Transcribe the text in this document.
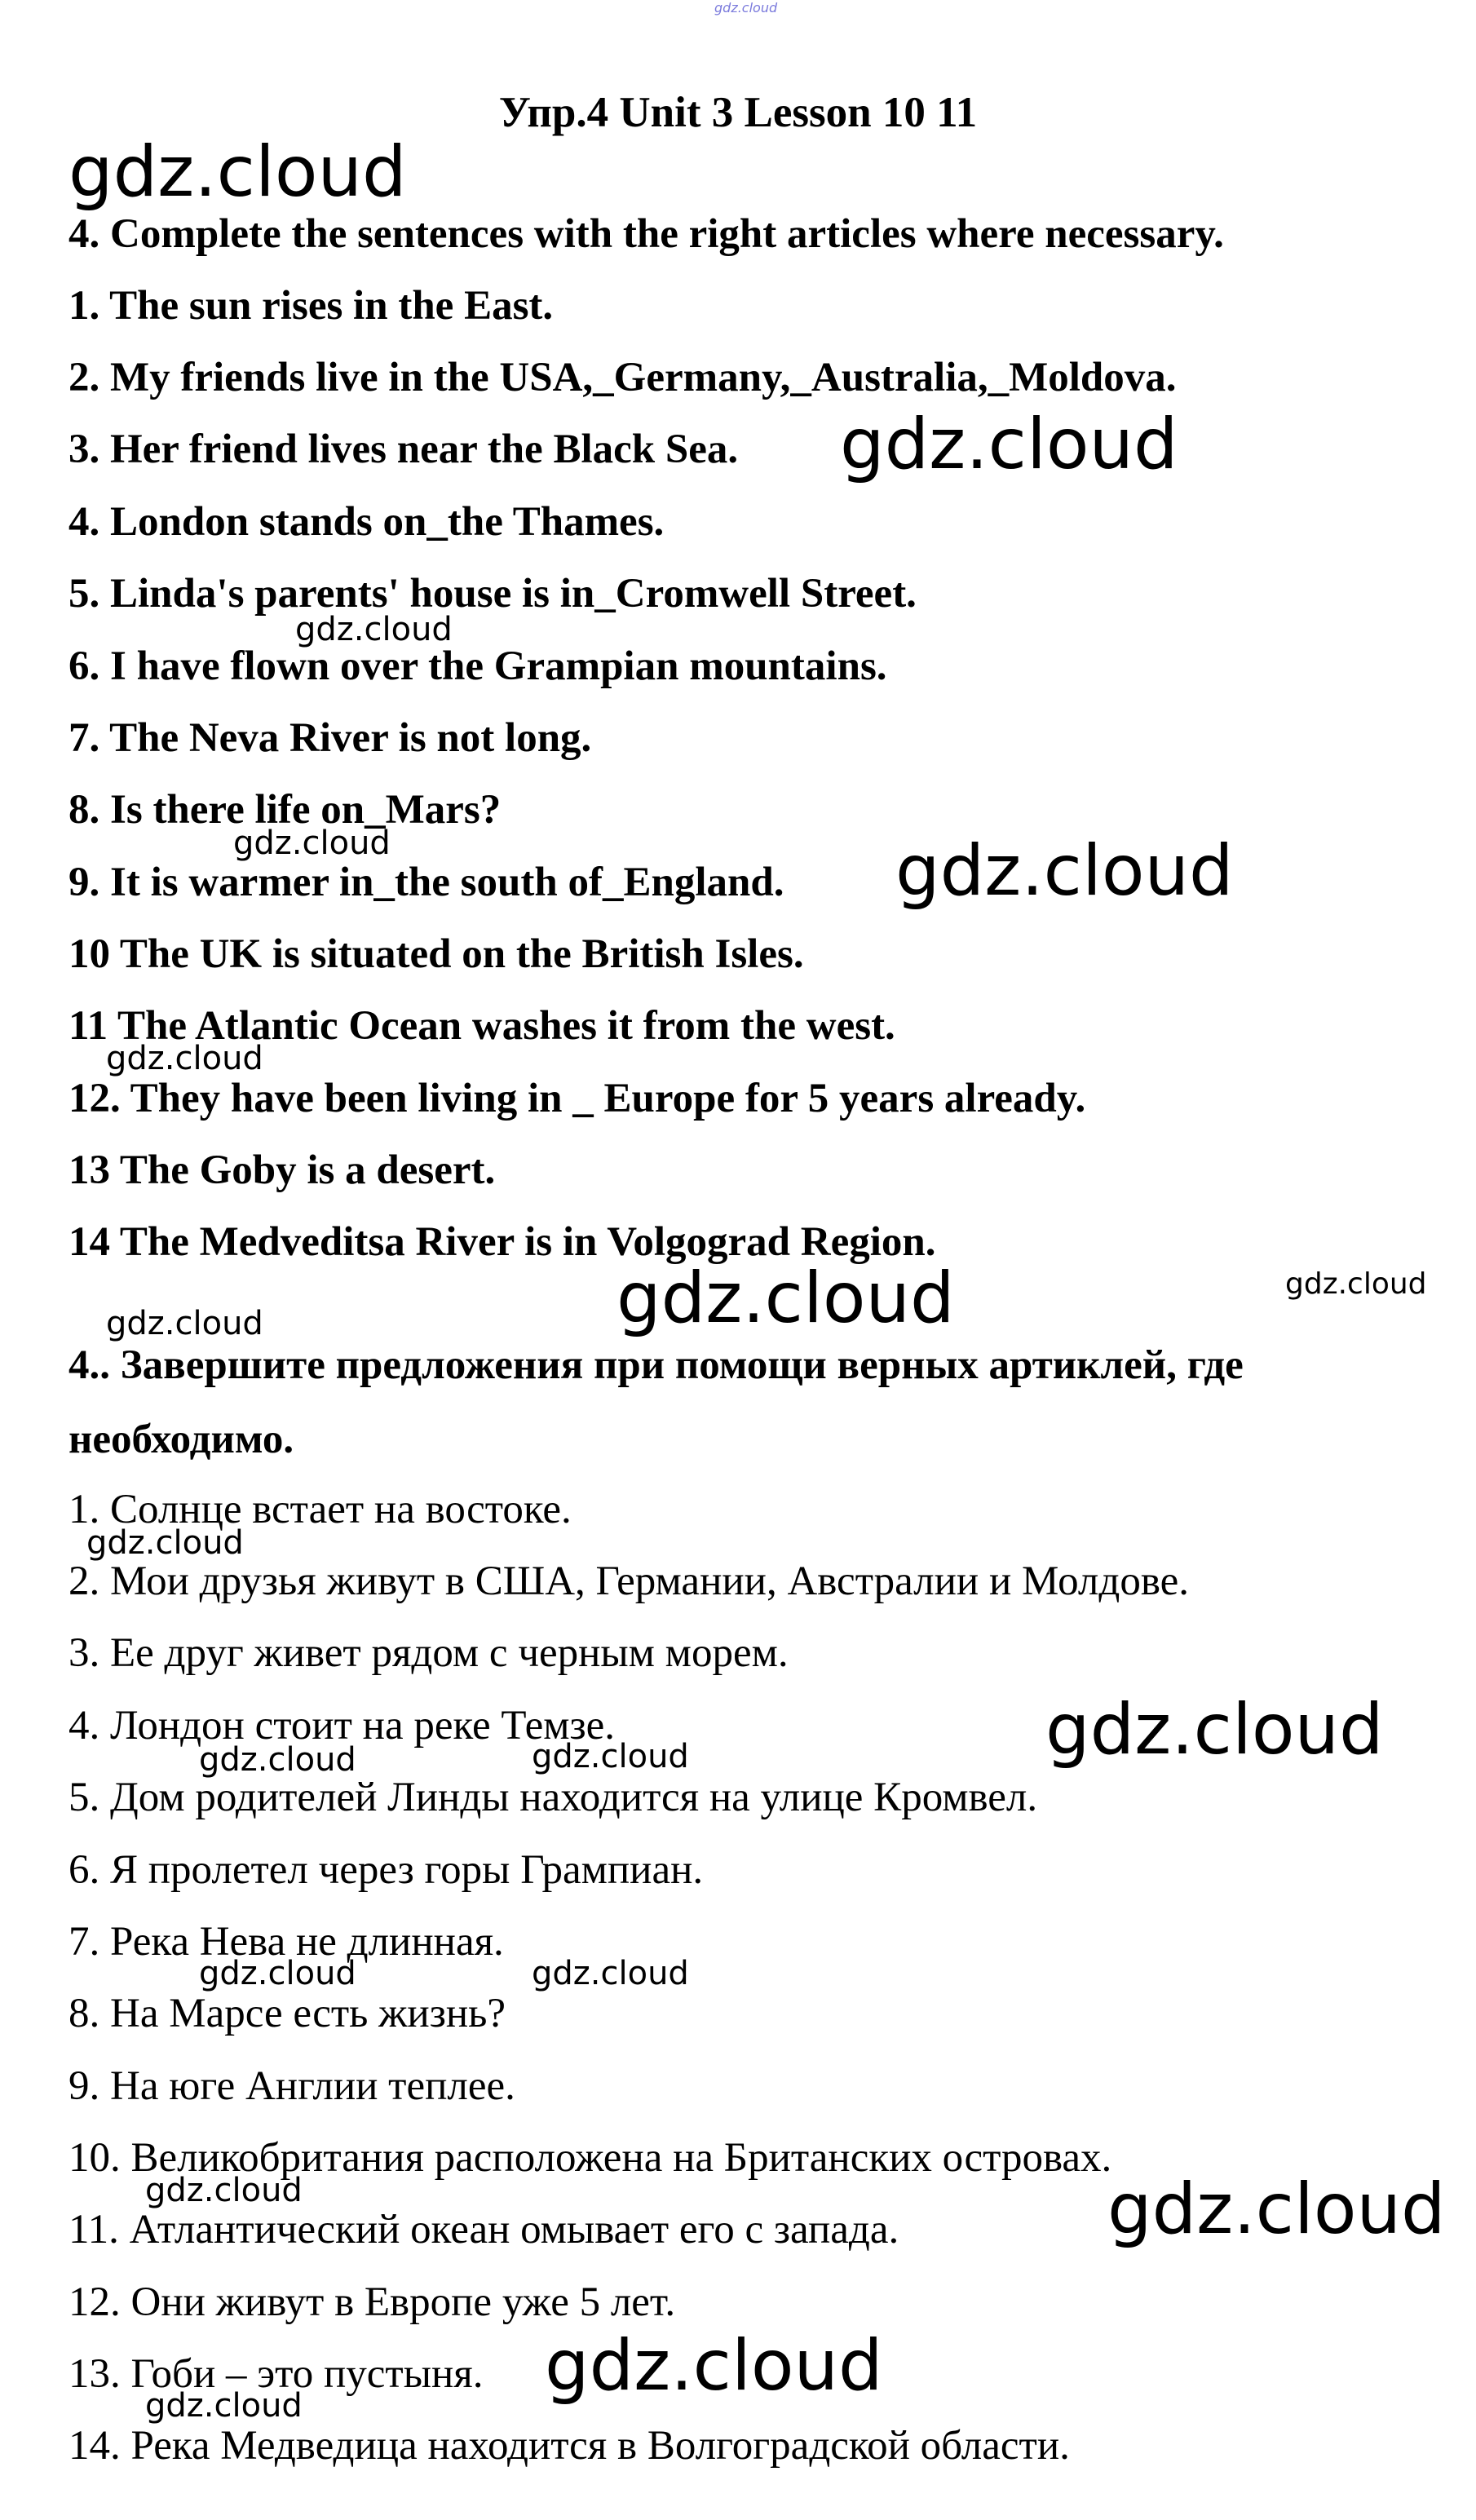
gdz.cloud
Упр.4 Unit 3 Lesson 10 11

4. Complete the sentences with the right articles where necessary.

1. The sun rises in the East.

2. My friends live in the USA,_Germany,_Australia,_Moldova.

3. Her friend lives near the Black Sea.

4. London stands on_the Thames.

5. Linda's parents' house is in_Cromwell Street.

6. I have flown over the Grampian mountains.

7. The Neva River is not long.

8. Is there life on_Mars?

9. It is warmer in_the south of_England.

10 The UK is situated on the British Isles.

11 The Atlantic Ocean washes it from the west.

12. They have been living in _ Europe for 5 years already.

13 The Goby is a desert.

14 The Medveditsa River is in Volgograd Region.

4.. Завершите предложения при помощи верных артиклей, где

необходимо.

1. Солнце встает на востоке.

2. Мои друзья живут в США, Германии, Австралии и Молдове.

3. Ее друг живет рядом с черным морем.

4. Лондон стоит на реке Темзе.

5. Дом родителей Линды находится на улице Кромвел.

6. Я пролетел через горы Грампиан.

7. Река Нева не длинная.

8. На Марсе есть жизнь?

9. На юге Англии теплее.

10. Великобритания расположена на Британских островах.

11. Атлантический океан омывает его с запада.

12. Они живут в Европе уже 5 лет.

13. Гоби – это пустыня.

14. Река Медведица находится в Волгоградской области.

gdz.cloud
gdz.cloud
gdz.cloud
gdz.cloud	gdz.cloud
gdz.cloud
gdz.cloud	gdz.cloud
gdz.cloud
gdz.cloud
gdz.cloud
gdz.cloud	gdz.cloud
gdz.cloud	gdz.cloud
gdz.cloud	gdz.cloud
gdz.cloud
gdz.cloud
